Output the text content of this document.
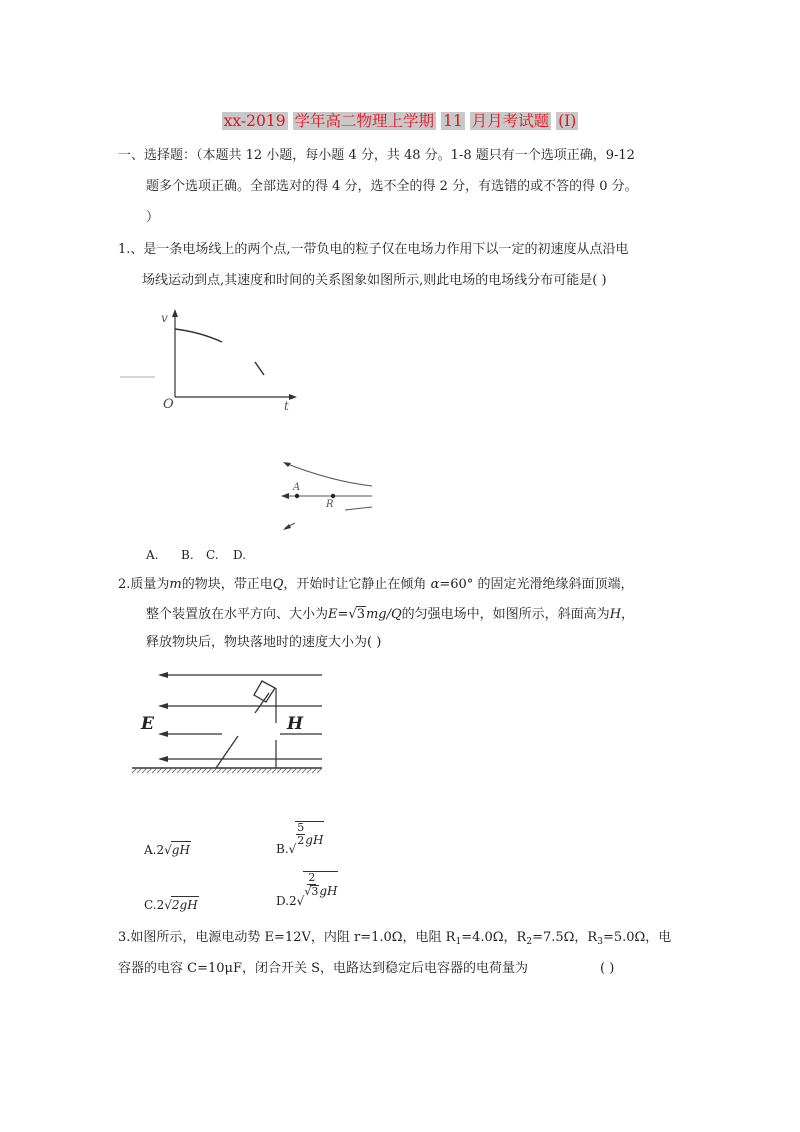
xx-2019 学年高二物理上学期 11 月月考试题 (I)
一、选择题：（本题共 12 小题，每小题 4 分，共 48 分。1-8 题只有一个选项正确，9-12
题多个选项正确。全部选对的得 4 分，选不全的得 2 分，有选错的或不答的得 0 分。
）
1.、是一条电场线上的两个点,一带负电的粒子仅在电场力作用下以一定的初速度从点沿电
场线运动到点,其速度和时间的关系图象如图所示,则此电场的电场线分布可能是( )
v
t
O
A
R
A. B. C. D.
2.质量为m的物块，带正电Q，开始时让它静止在倾角 α=60° 的固定光滑绝缘斜面顶端，
整个装置放在水平方向、大小为E=√3mg/Q的匀强电场中，如图所示，斜面高为H，
释放物块后，物块落地时的速度大小为( )
E	H
A.2√gH	B.√
$\frac{5}{2}$ gH
C.2√2gH	D.2√
$\frac{2}{√3}$ gH
3.如图所示，电源电动势 E=12V，内阻 r=1.0Ω，电阻 $R_1=4.0\Omega$，$R_2=7.5\Omega$，$R_3=5.0\Omega$，电
容器的电容 C=10μF，闭合开关 S，电路达到稳定后电容器的电荷量为	( )
